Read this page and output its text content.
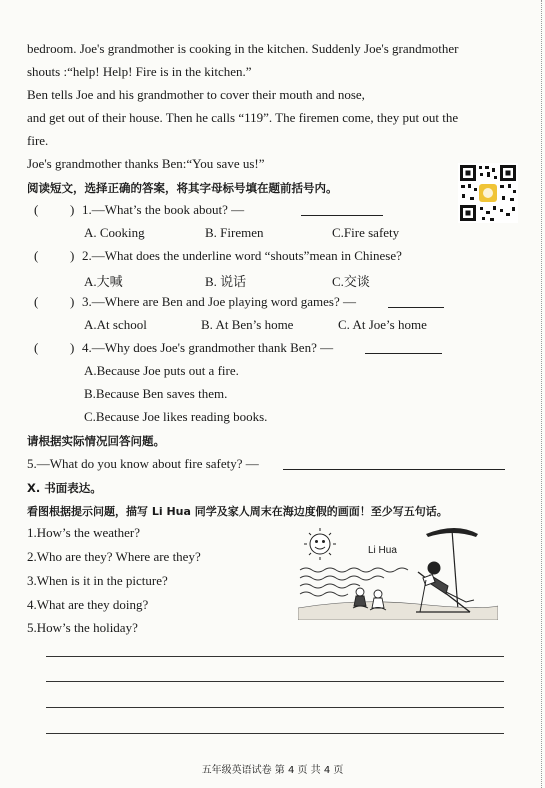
bedroom. Joe's grandmother is cooking in the kitchen. Suddenly Joe's grandmother
shouts :“help! Help! Fire is in the kitchen.”
Ben tells Joe and his grandmother to cover their mouth and nose,
and get out of their house. Then he calls “119”. The firemen come, they put out the
fire.
Joe's grandmother thanks Ben:“You save us!”
阅读短文，选择正确的答案，将其字母标号填在题前括号内。
( ) 1.—What’s the book about? —
A. Cooking	B. Firemen	C.Fire safety
( ) 2.—What does the underline word “shouts”mean in Chinese?
A.大喊	B. 说话	C.交谈
( ) 3.—Where are Ben and Joe playing word games? —
A.At school	B. At Ben’s home	C. At Joe’s home
( ) 4.—Why does Joe's grandmother thank Ben? —
A.Because Joe puts out a fire.
B.Because Ben saves them.
C.Because Joe likes reading books.
请根据实际情况回答问题。
5.—What do you know about fire safety? —
X. 书面表达。
看图根据提示问题，描写 Li Hua 同学及家人周末在海边度假的画面！至少写五句话。
1.How’s the weather?
2.Who are they? Where are they?
3.When is it in the picture?
4.What are they doing?
5.How’s the holiday?
Li Hua
五年级英语试卷 第 4 页 共 4 页
